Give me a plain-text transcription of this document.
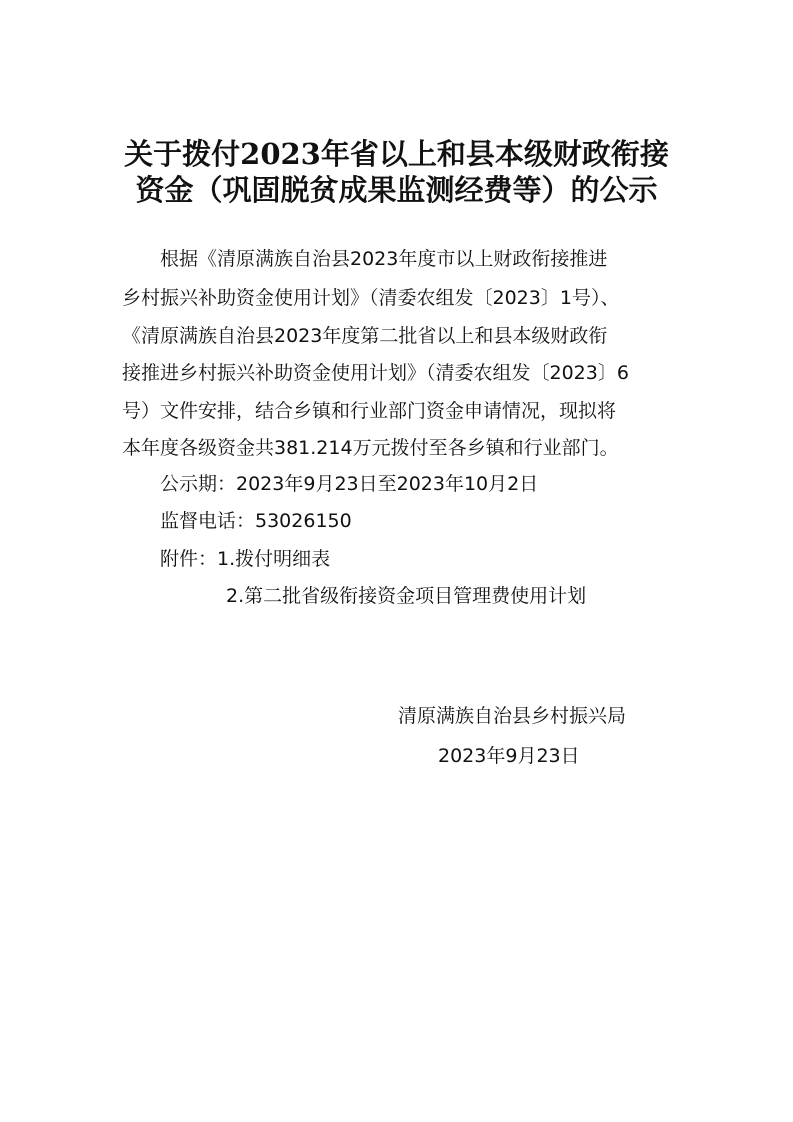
关于拨付2023年省以上和县本级财政衔接
资金（巩固脱贫成果监测经费等）的公示
　　根据《清原满族自治县2023年度市以上财政衔接推进
乡村振兴补助资金使用计划》（清委农组发〔2023〕1号）、
《清原满族自治县2023年度第二批省以上和县本级财政衔
接推进乡村振兴补助资金使用计划》（清委农组发〔2023〕6
号）文件安排，结合乡镇和行业部门资金申请情况，现拟将
本年度各级资金共381.214万元拨付至各乡镇和行业部门。
公示期：2023年9月23日至2023年10月2日
监督电话：53026150
附件：1.拨付明细表
2.第二批省级衔接资金项目管理费使用计划
清原满族自治县乡村振兴局
2023年9月23日
